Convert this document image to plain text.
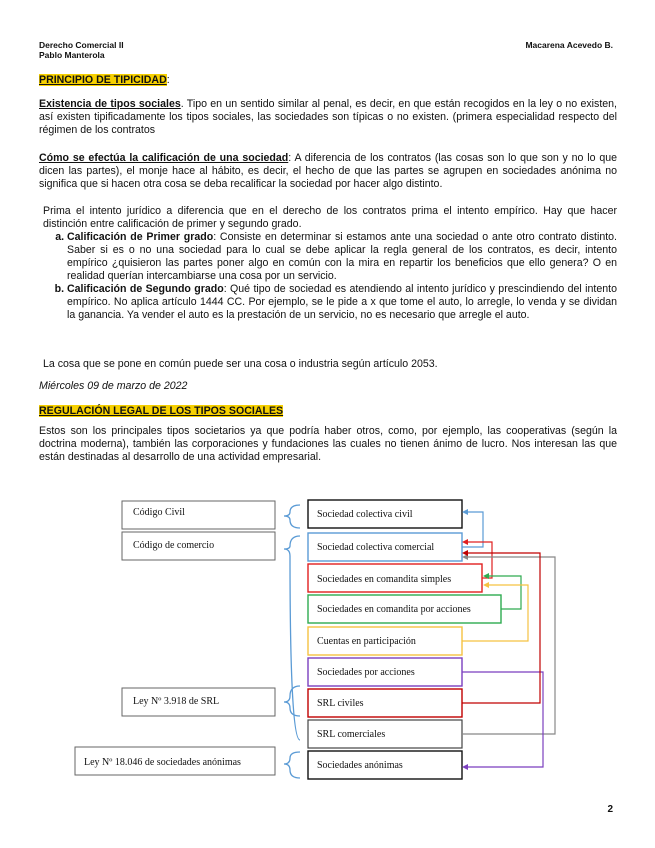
Derecho Comercial II
Pablo Manterola
Macarena Acevedo B.
PRINCIPIO DE TIPICIDAD:
Existencia de tipos sociales. Tipo en un sentido similar al penal, es decir, en que están recogidos en la ley o no existen, así existen tipificadamente los tipos sociales, las sociedades son típicas o no existen. (primera especialidad respecto del régimen de los contratos
Cómo se efectúa la calificación de una sociedad: A diferencia de los contratos (las cosas son lo que son y no lo que dicen las partes), el monje hace al hábito, es decir, el hecho de que las partes se agrupen en sociedades anónima no significa que si hacen otra cosa se deba recalificar la sociedad por hacer algo distinto.
Prima el intento jurídico a diferencia que en el derecho de los contratos prima el intento empírico. Hay que hacer distinción entre calificación de primer y segundo grado.
a. Calificación de Primer grado: Consiste en determinar si estamos ante una sociedad o ante otro contrato distinto. Saber si es o no una sociedad para lo cual se debe aplicar la regla general de los contratos, es decir, intento empírico ¿quisieron las partes poner algo en común con la mira en repartir los beneficios que ello genera? O en realidad querían intercambiarse una cosa por un servicio.
b. Calificación de Segundo grado: Qué tipo de sociedad es atendiendo al intento jurídico y prescindiendo del intento empírico. No aplica artículo 1444 CC. Por ejemplo, se le pide a x que tome el auto, lo arregle, lo venda y se dividan la ganancia. Ya vender el auto es la prestación de un servicio, no es necesario que arregle el auto.
La cosa que se pone en común puede ser una cosa o industria según artículo 2053.
Miércoles 09 de marzo de 2022
REGULACIÓN LEGAL DE LOS TIPOS SOCIALES
Estos son los principales tipos societarios ya que podría haber otros, como, por ejemplo, las cooperativas (según la doctrina moderna), también las corporaciones y fundaciones las cuales no tienen ánimo de lucro. Nos interesan las que están destinadas al desarrollo de una actividad empresarial.
Código Civil
Código de comercio
Ley Nº 3.918 de SRL
Ley Nº 18.046 de sociedades anónimas
Sociedad colectiva civil
Sociedad colectiva comercial
Sociedades en comandita simples
Sociedades en comandita por acciones
Cuentas en participación
Sociedades por acciones
SRL civiles
SRL comerciales
Sociedades anónimas
2
